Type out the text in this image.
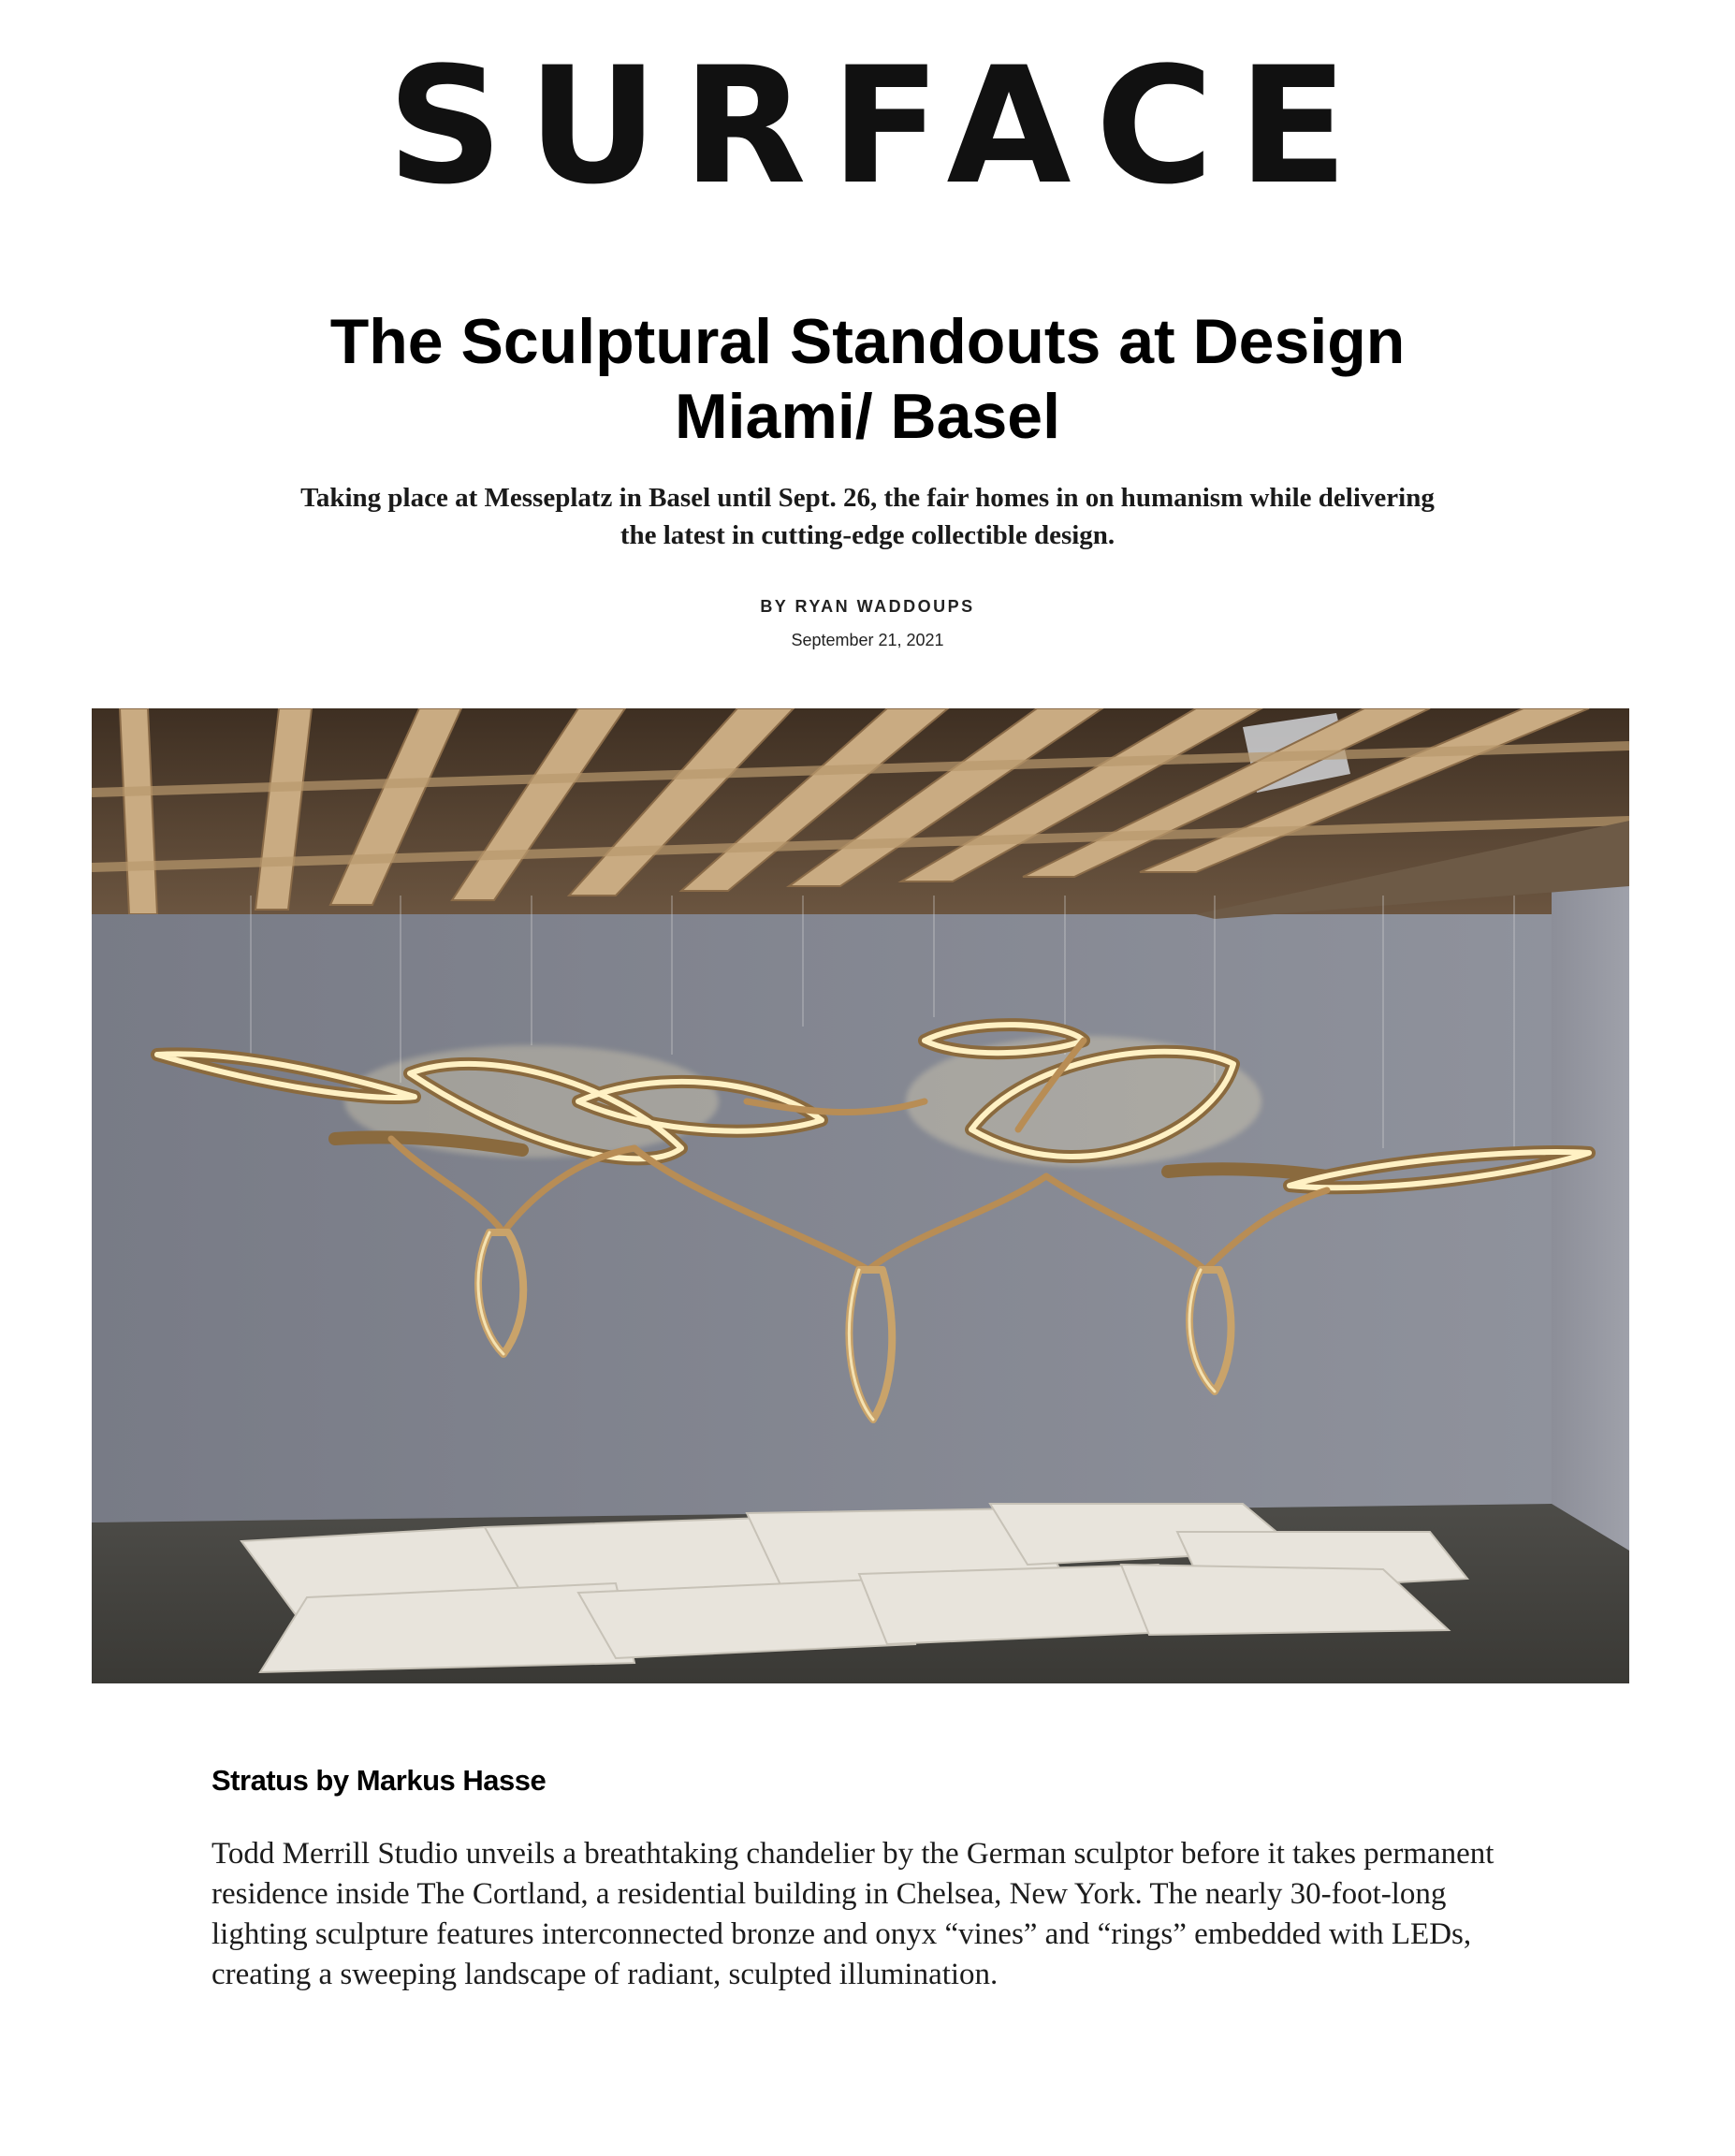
SURFACE
The Sculptural Standouts at Design Miami/ Basel

Taking place at Messeplatz in Basel until Sept. 26, the fair homes in on humanism while delivering the latest in cutting-edge collectible design.

BY RYAN WADDOUPS
September 21, 2021
Stratus by Markus Hasse

Todd Merrill Studio unveils a breathtaking chandelier by the German sculptor before it takes permanent residence inside The Cortland, a residential building in Chelsea, New York. The nearly 30-foot-long lighting sculpture features interconnected bronze and onyx “vines” and “rings” embedded with LEDs, creating a sweeping landscape of radiant, sculpted illumination.
